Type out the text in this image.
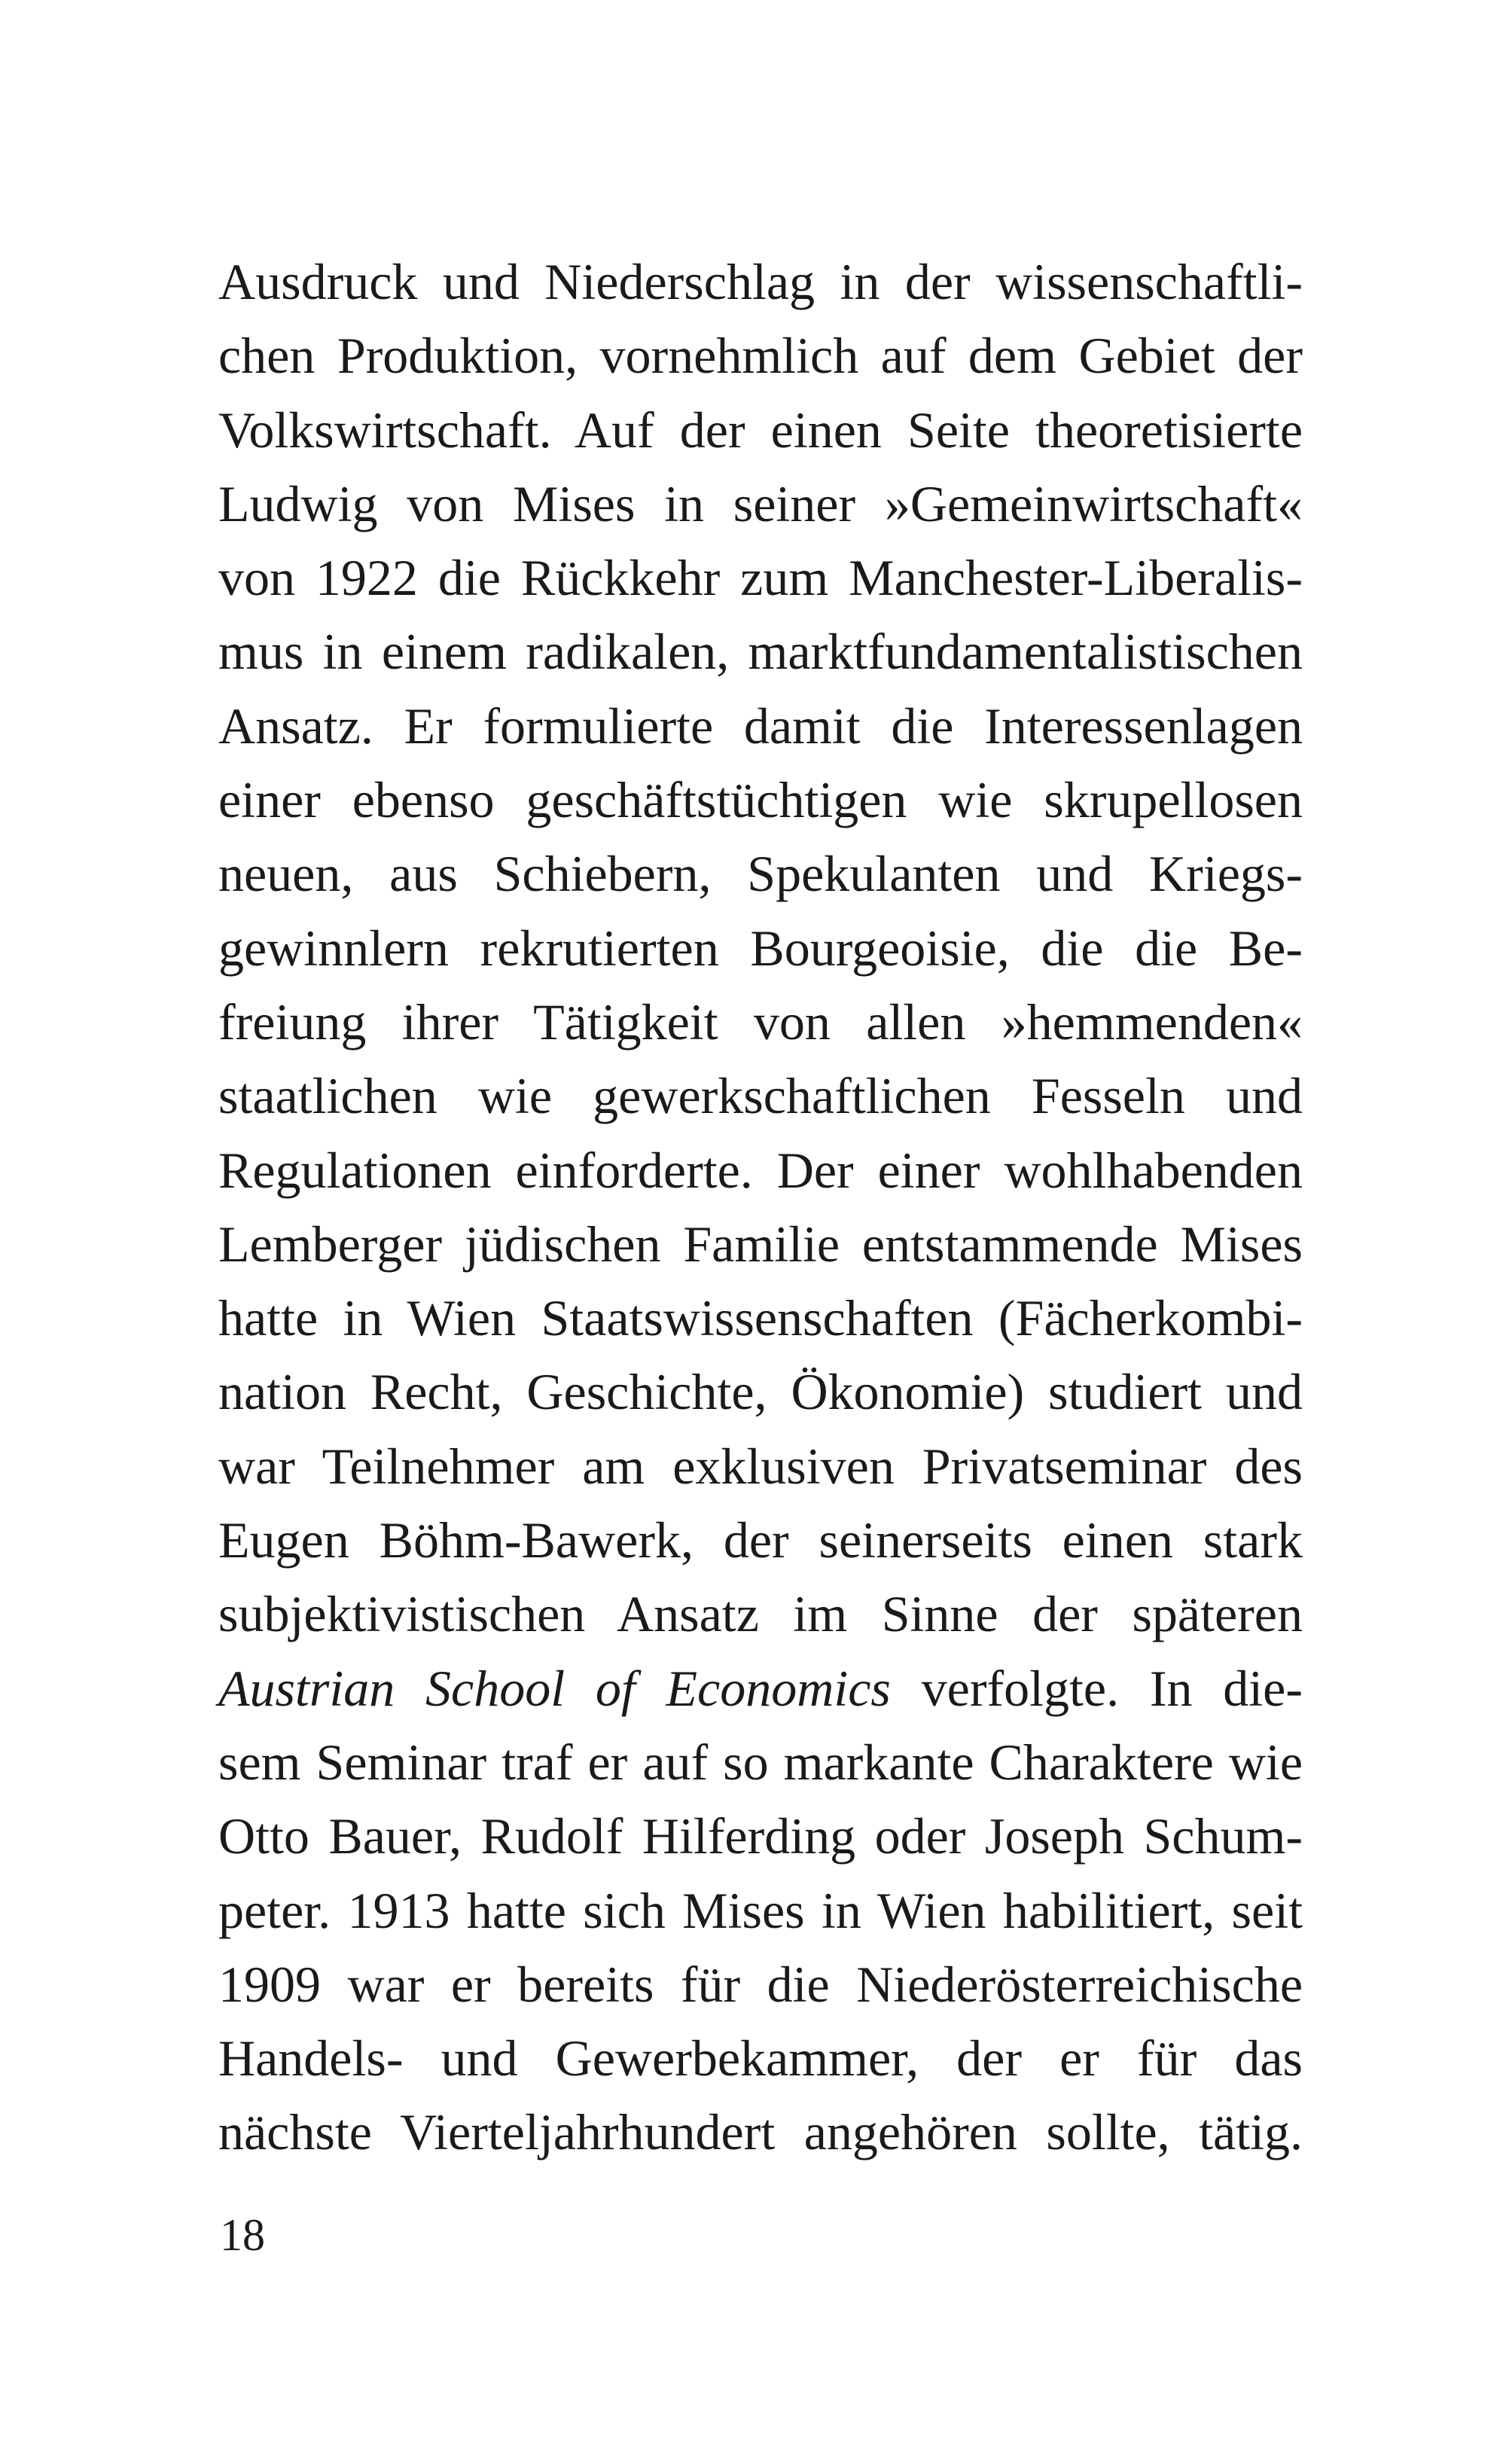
Ausdruck und Niederschlag in der wissenschaftli-
chen Produktion, vornehmlich auf dem Gebiet der
Volkswirtschaft. Auf der einen Seite theoretisierte
Ludwig von Mises in seiner »Gemeinwirtschaft«
von 1922 die Rückkehr zum Manchester-Liberalis-
mus in einem radikalen, marktfundamentalistischen
Ansatz. Er formulierte damit die Interessenlagen
einer ebenso geschäftstüchtigen wie skrupellosen
neuen, aus Schiebern, Spekulanten und Kriegs-
gewinnlern rekrutierten Bourgeoisie, die die Be-
freiung ihrer Tätigkeit von allen »hemmenden«
staatlichen wie gewerkschaftlichen Fesseln und
Regulationen einforderte. Der einer wohlhabenden
Lemberger jüdischen Familie entstammende Mises
hatte in Wien Staatswissenschaften (Fächerkombi-
nation Recht, Geschichte, Ökonomie) studiert und
war Teilnehmer am exklusiven Privatseminar des
Eugen Böhm-Bawerk, der seinerseits einen stark
subjektivistischen Ansatz im Sinne der späteren
Austrian School of Economics verfolgte. In die-
sem Seminar traf er auf so markante Charaktere wie
Otto Bauer, Rudolf Hilferding oder Joseph Schum-
peter. 1913 hatte sich Mises in Wien habilitiert, seit
1909 war er bereits für die Niederösterreichische
Handels- und Gewerbekammer, der er für das
nächste Vierteljahrhundert angehören sollte, tätig.
18
